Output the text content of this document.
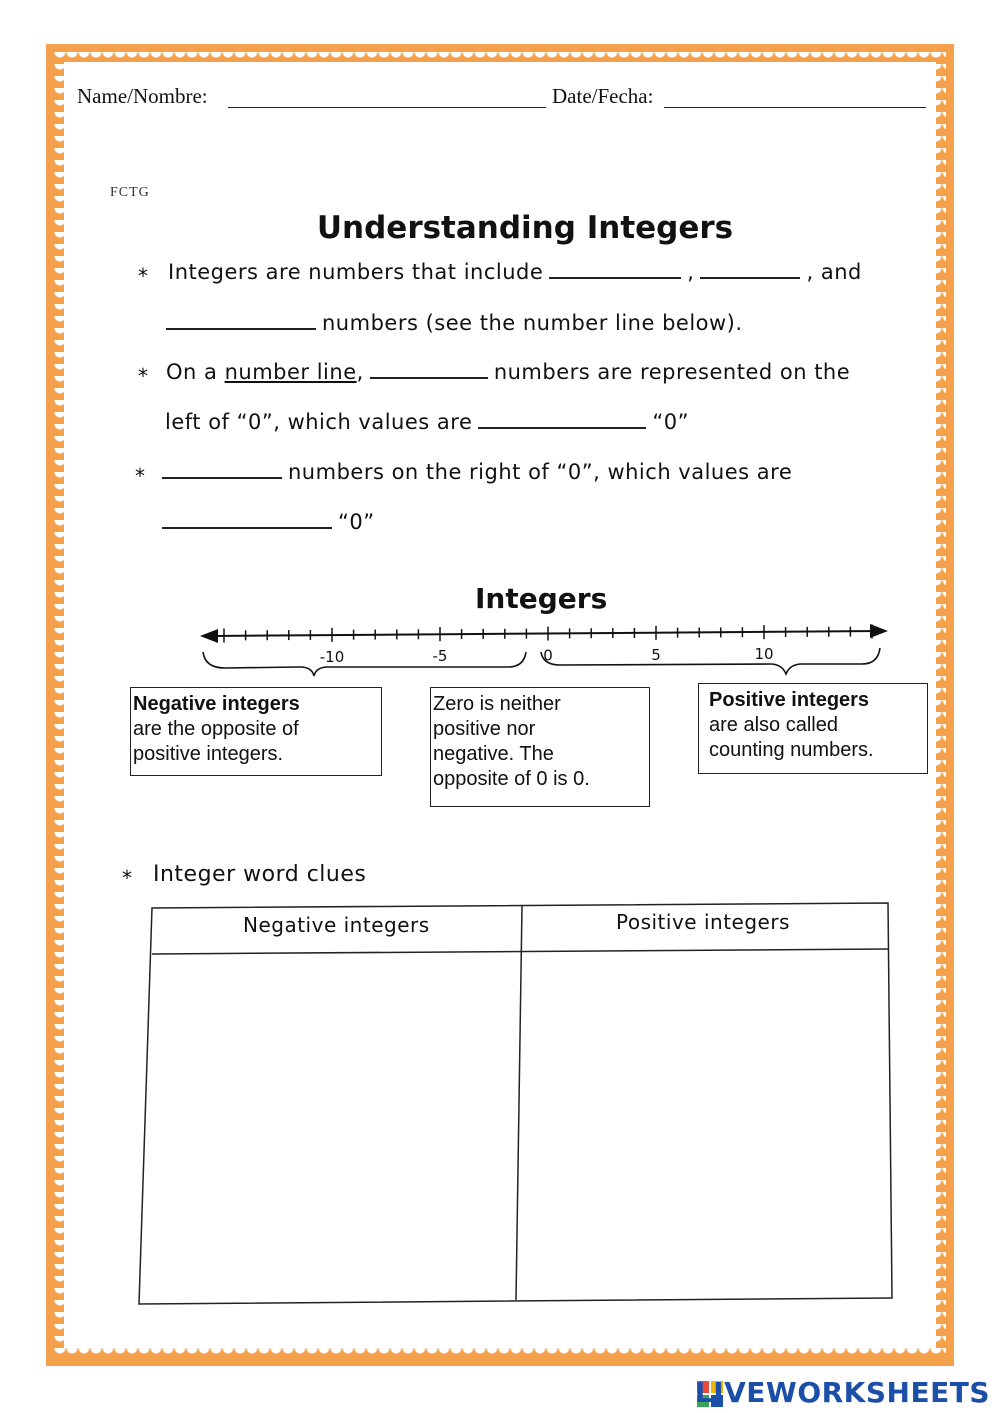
Name/Nombre:	Date/Fecha:
FCTG
Understanding Integers
* Integers are numbers that include	,	, and
numbers (see the number line below).
* On a number line,	numbers are represented on the
left of “0”, which values are	“0”
*	numbers on the right of “0”, which values are
“0”
Integers
-10	-5	0	5	10
Negative integers
are the opposite of
positive integers.
Zero is neither
positive nor
negative. The
opposite of 0 is 0.
Positive integers
are also called
counting numbers.
* Integer word clues
Negative integers	Positive integers
LIVEWORKSHEETS
